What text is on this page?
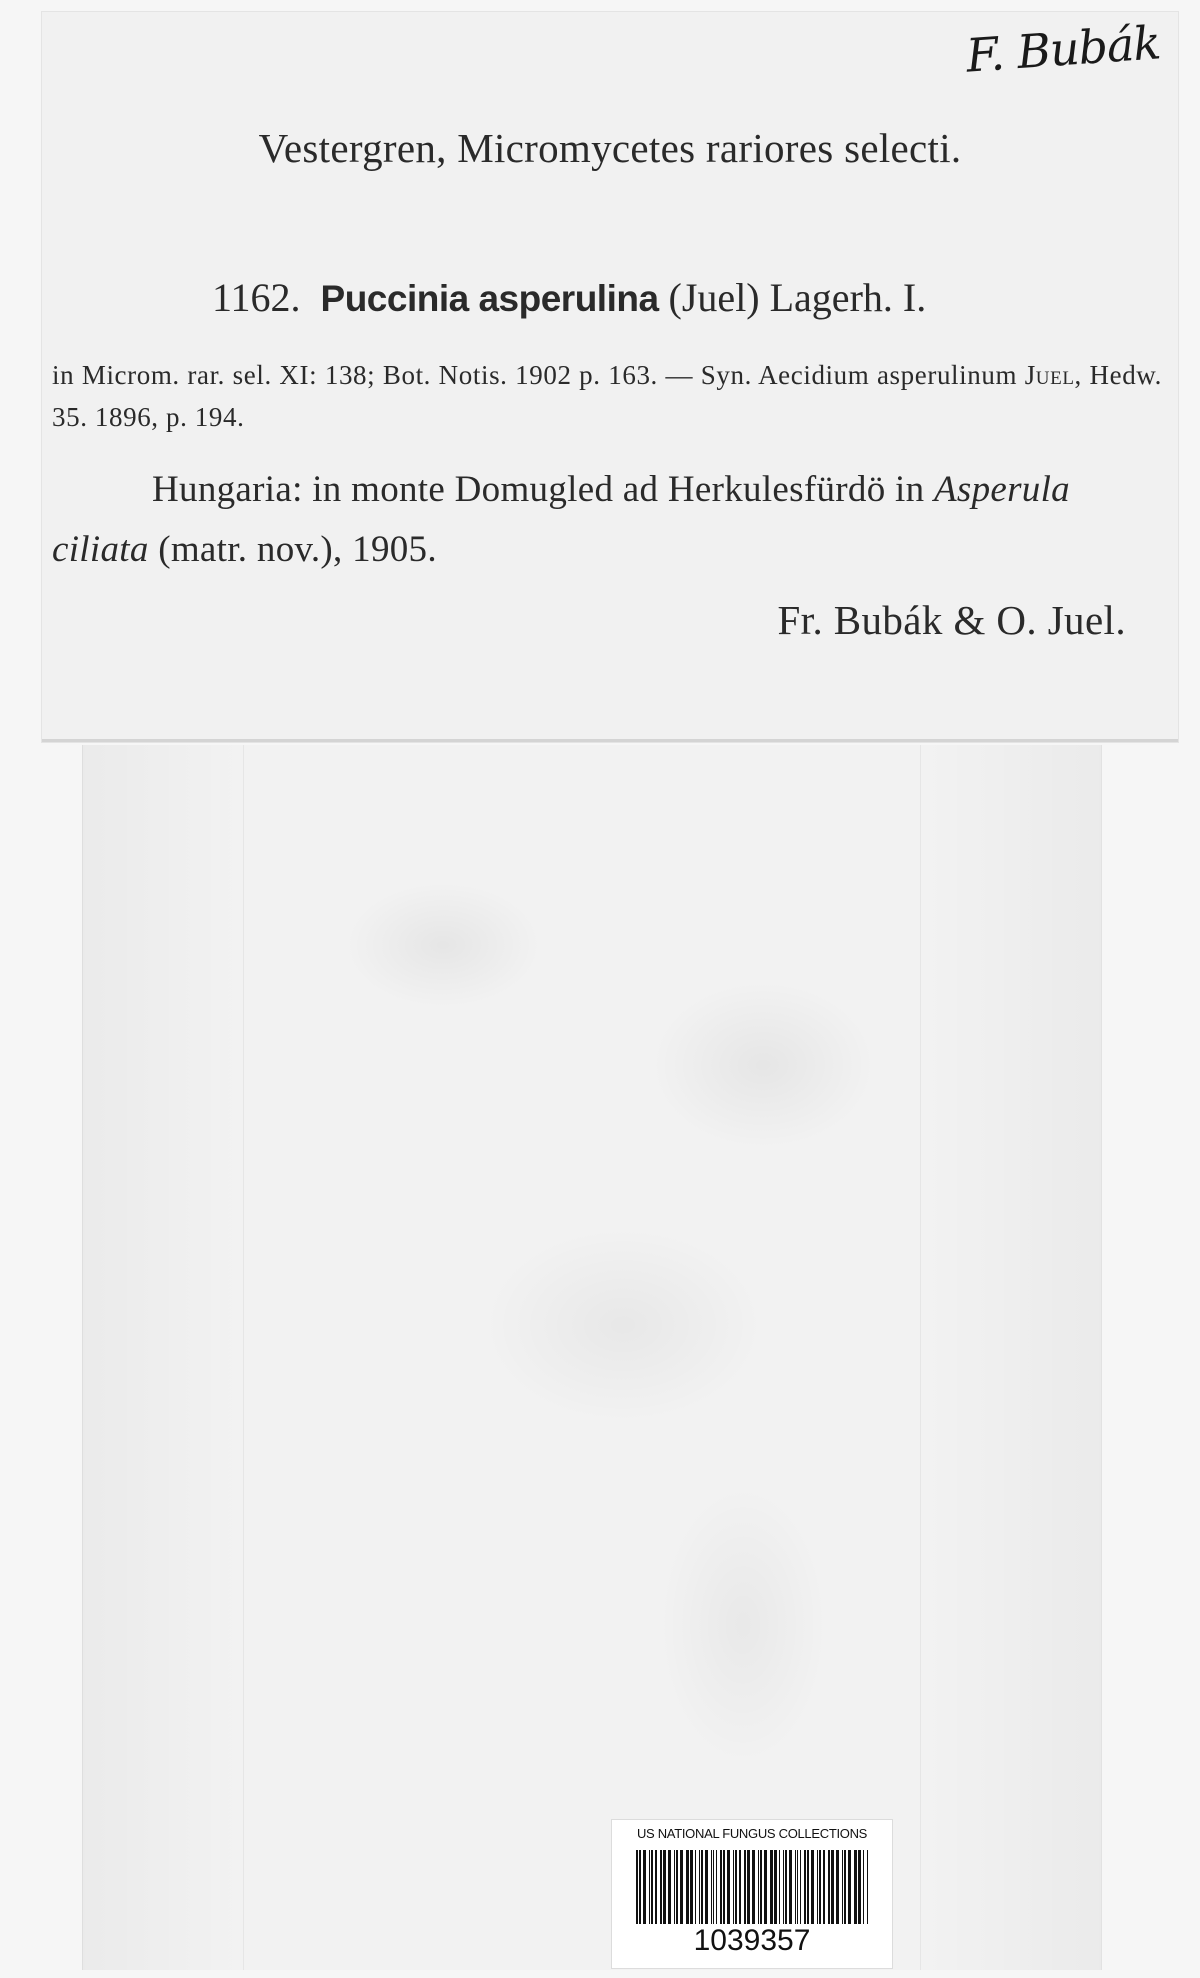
F. Bubák
Vestergren, Micromycetes rariores selecti.
1162. Puccinia asperulina (Juel) Lagerh. I.
in Microm. rar. sel. XI: 138; Bot. Notis. 1902 p. 163. — Syn. Aecidium asperulinum Juel, Hedw. 35. 1896, p. 194.
Hungaria: in monte Domugled ad Herkulesfürdö in Asperula ciliata (matr. nov.), 1905.
Fr. Bubák & O. Juel.
US NATIONAL FUNGUS COLLECTIONS
1039357
